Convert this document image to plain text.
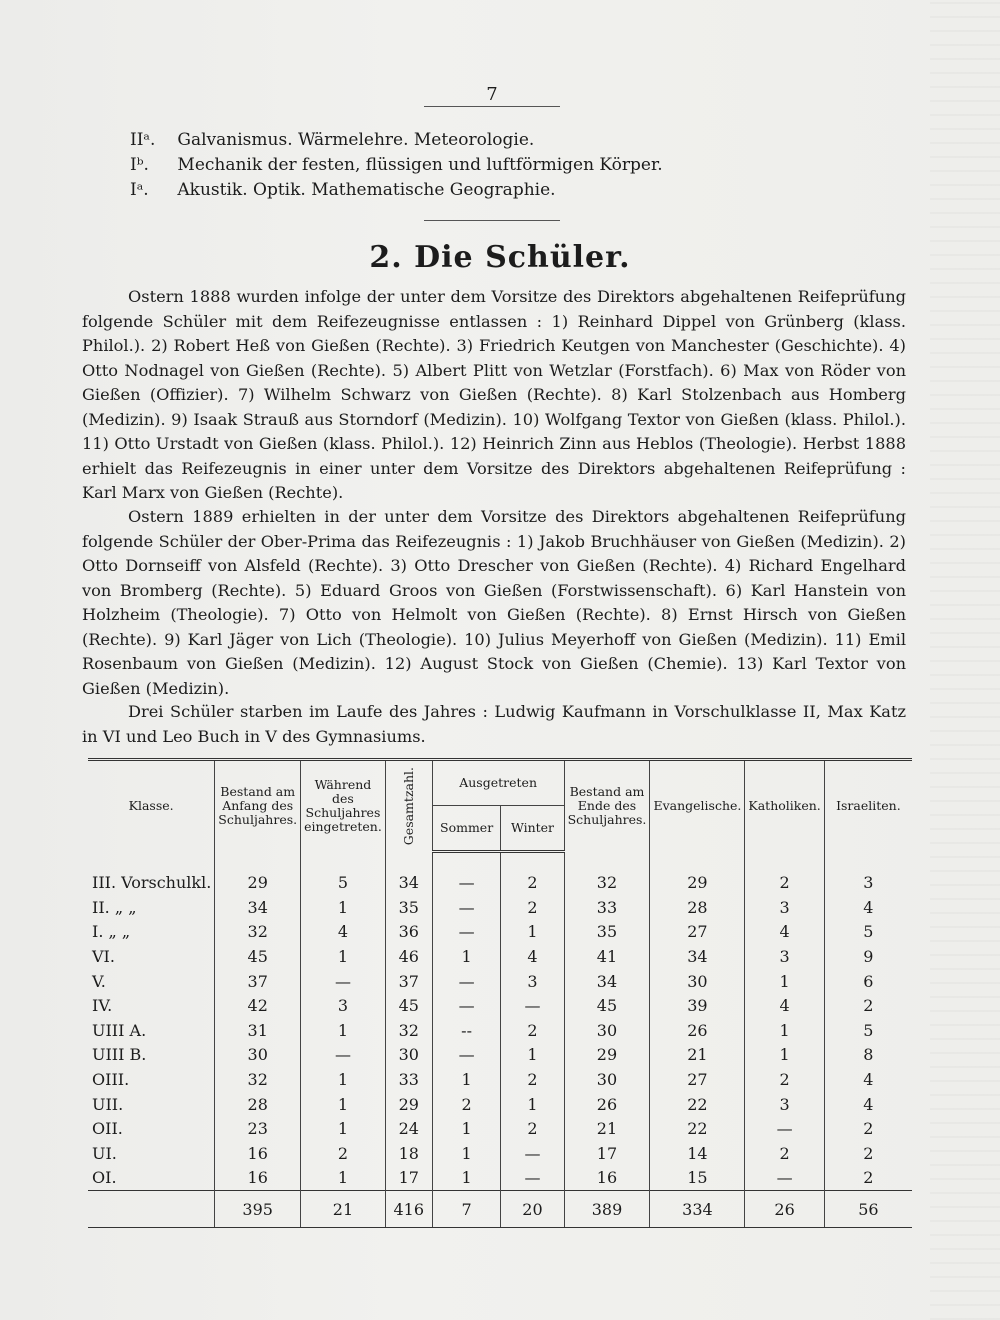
7
IIᵃ. Galvanismus. Wärmelehre. Meteorologie.
Iᵇ. Mechanik der festen, flüssigen und luftförmigen Körper.
Iᵃ. Akustik. Optik. Mathematische Geographie.
2. Die Schüler.

Ostern 1888 wurden infolge der unter dem Vorsitze des Direktors abgehaltenen Reifeprüfung folgende Schüler mit dem Reifezeugnisse entlassen : 1) Reinhard Dippel von Grünberg (klass. Philol.). 2) Robert Heß von Gießen (Rechte). 3) Friedrich Keutgen von Manchester (Geschichte). 4) Otto Nodnagel von Gießen (Rechte). 5) Albert Plitt von Wetzlar (Forstfach). 6) Max von Röder von Gießen (Offizier). 7) Wilhelm Schwarz von Gießen (Rechte). 8) Karl Stolzenbach aus Homberg (Medizin). 9) Isaak Strauß aus Storndorf (Medizin). 10) Wolfgang Textor von Gießen (klass. Philol.). 11) Otto Urstadt von Gießen (klass. Philol.). 12) Heinrich Zinn aus Heblos (Theologie). Herbst 1888 erhielt das Reifezeugnis in einer unter dem Vorsitze des Direktors abgehaltenen Reifeprüfung : Karl Marx von Gießen (Rechte).

Ostern 1889 erhielten in der unter dem Vorsitze des Direktors abgehaltenen Reifeprüfung folgende Schüler der Ober-Prima das Reifezeugnis : 1) Jakob Bruchhäuser von Gießen (Medizin). 2) Otto Dornseiff von Alsfeld (Rechte). 3) Otto Drescher von Gießen (Rechte). 4) Richard Engelhard von Bromberg (Rechte). 5) Eduard Groos von Gießen (Forstwissenschaft). 6) Karl Hanstein von Holzheim (Theologie). 7) Otto von Helmolt von Gießen (Rechte). 8) Ernst Hirsch von Gießen (Rechte). 9) Karl Jäger von Lich (Theologie). 10) Julius Meyerhoff von Gießen (Medizin). 11) Emil Rosenbaum von Gießen (Medizin). 12) August Stock von Gießen (Chemie). 13) Karl Textor von Gießen (Medizin).

Drei Schüler starben im Laufe des Jahres : Ludwig Kaufmann in Vorschulklasse II, Max Katz in VI und Leo Buch in V des Gymnasiums.

Klasse.	Bestand am Anfang des Schuljahres.	Während des Schuljahres eingetreten.	Gesamtzahl.	Ausgetreten		Bestand am Ende des Schuljahres.	Evangelische.	Katholiken.	Israeliten.
				Sommer	Winter				
III. Vorschulkl.	29	5	34	—	2	32	29	2	3
II. „ „	34	1	35	—	2	33	28	3	4
I. „ „	32	4	36	—	1	35	27	4	5
VI.	45	1	46	1	4	41	34	3	9
V.	37	—	37	—	3	34	30	1	6
IV.	42	3	45	—	—	45	39	4	2
UIII A.	31	1	32	--	2	30	26	1	5
UIII B.	30	—	30	—	1	29	21	1	8
OIII.	32	1	33	1	2	30	27	2	4
UII.	28	1	29	2	1	26	22	3	4
OII.	23	1	24	1	2	21	22	—	2
UI.	16	2	18	1	—	17	14	2	2
OI.	16	1	17	1	—	16	15	—	2
	395	21	416	7	20	389	334	26	56
